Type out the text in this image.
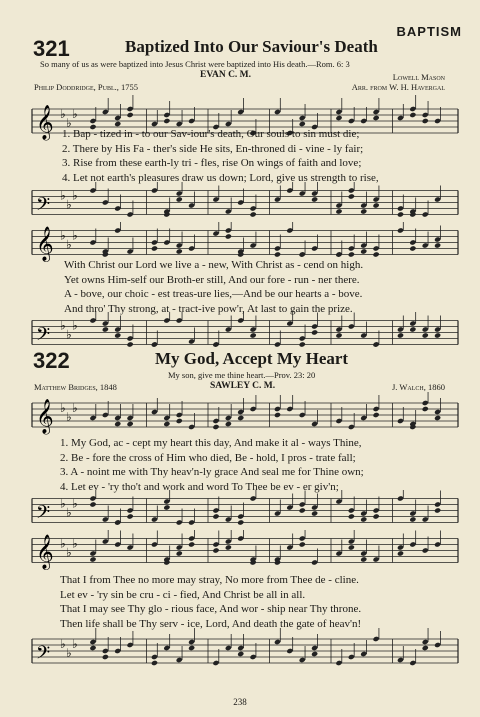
BAPTISM
321	Baptized Into Our Saviour's Death
So many of us as were baptized into Jesus Christ were baptized into His death.—Rom. 6: 3
EVAN C. M.	Lowell Mason
Philip Doddridge, Publ., 1755	Arr. from W. H. Havergal
𝄞 ♭
♭
♭
1. Bap - tized in - to our Sav-iour's death, Our souls to sin must die;
2. There by His Fa - ther's side He sits, En-throned di - vine - ly fair;
3. Rise from these earth-ly tri - fles, rise On wings of faith and love;
4. Let not earth's pleasures draw us down; Lord, give us strength to rise,
𝄢 ♭
♭
♭
𝄞 ♭
♭
♭
With Christ our Lord we live a - new, With Christ as - cend on high.
Yet owns Him-self our Broth-er still, And our fore - run - ner there.
A - bove, our choic - est treas-ure lies,—And be our hearts a - bove.
And thro' Thy strong, at - tract-ive pow'r, At last to gain the prize.
𝄢 ♭
♭
♭
322	My God, Accept My Heart
My son, give me thine heart.—Prov. 23: 20
Matthew Bridges, 1848	SAWLEY C. M.	J. Walch, 1860
𝄞 ♭
♭
♭
1. My God, ac - cept my heart this day, And make it al - ways Thine,
2. Be - fore the cross of Him who died, Be - hold, I pros - trate fall;
3. A - noint me with Thy heav'n-ly grace And seal me for Thine own;
4. Let ev - 'ry tho't and work and word To Thee be ev - er giv'n;
𝄢 ♭
♭
♭
𝄞 ♭
♭
♭
That I from Thee no more may stray, No more from Thee de - cline.
Let ev - 'ry sin be cru - ci - fied, And Christ be all in all.
That I may see Thy glo - rious face, And wor - ship near Thy throne.
Then life shall be Thy serv - ice, Lord, And death the gate of heav'n!
𝄢 ♭
♭
♭
238
